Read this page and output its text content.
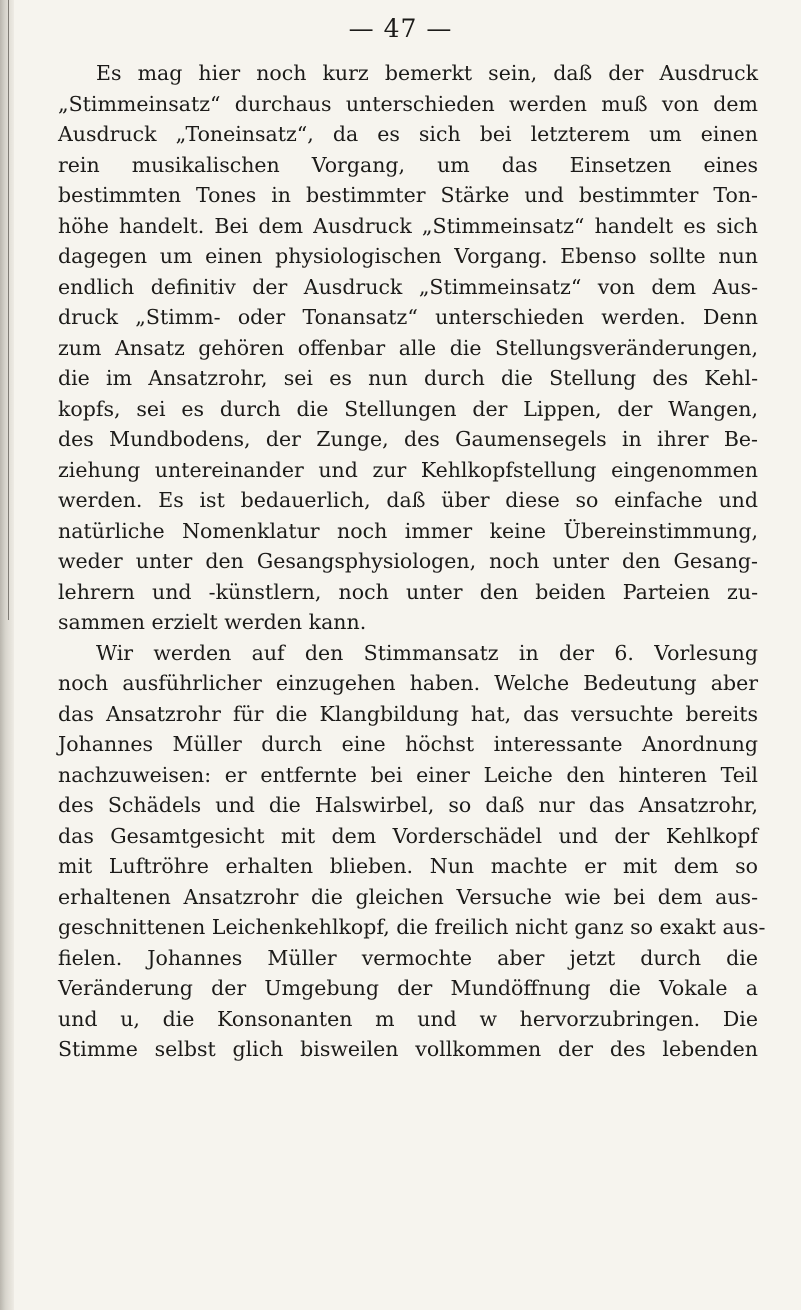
— 47 —
Es mag hier noch kurz bemerkt sein, daß der Ausdruck
„Stimmeinsatz“ durchaus unterschieden werden muß von dem
Ausdruck „Toneinsatz“, da es sich bei letzterem um einen
rein musikalischen Vorgang, um das Einsetzen eines
bestimmten Tones in bestimmter Stärke und bestimmter Ton-
höhe handelt. Bei dem Ausdruck „Stimmeinsatz“ handelt es sich
dagegen um einen physiologischen Vorgang. Ebenso sollte nun
endlich definitiv der Ausdruck „Stimmeinsatz“ von dem Aus-
druck „Stimm- oder Tonansatz“ unterschieden werden. Denn
zum Ansatz gehören offenbar alle die Stellungsveränderungen,
die im Ansatzrohr, sei es nun durch die Stellung des Kehl-
kopfs, sei es durch die Stellungen der Lippen, der Wangen,
des Mundbodens, der Zunge, des Gaumensegels in ihrer Be-
ziehung untereinander und zur Kehlkopfstellung eingenommen
werden. Es ist bedauerlich, daß über diese so einfache und
natürliche Nomenklatur noch immer keine Übereinstimmung,
weder unter den Gesangsphysiologen, noch unter den Gesang-
lehrern und -künstlern, noch unter den beiden Parteien zu-
sammen erzielt werden kann.
Wir werden auf den Stimmansatz in der 6. Vorlesung
noch ausführlicher einzugehen haben. Welche Bedeutung aber
das Ansatzrohr für die Klangbildung hat, das versuchte bereits
Johannes Müller durch eine höchst interessante Anordnung
nachzuweisen: er entfernte bei einer Leiche den hinteren Teil
des Schädels und die Halswirbel, so daß nur das Ansatzrohr,
das Gesamtgesicht mit dem Vorderschädel und der Kehlkopf
mit Luftröhre erhalten blieben. Nun machte er mit dem so
erhaltenen Ansatzrohr die gleichen Versuche wie bei dem aus-
geschnittenen Leichenkehlkopf, die freilich nicht ganz so exakt aus-
fielen. Johannes Müller vermochte aber jetzt durch die
Veränderung der Umgebung der Mundöffnung die Vokale a
und u, die Konsonanten m und w hervorzubringen. Die
Stimme selbst glich bisweilen vollkommen der des lebenden
